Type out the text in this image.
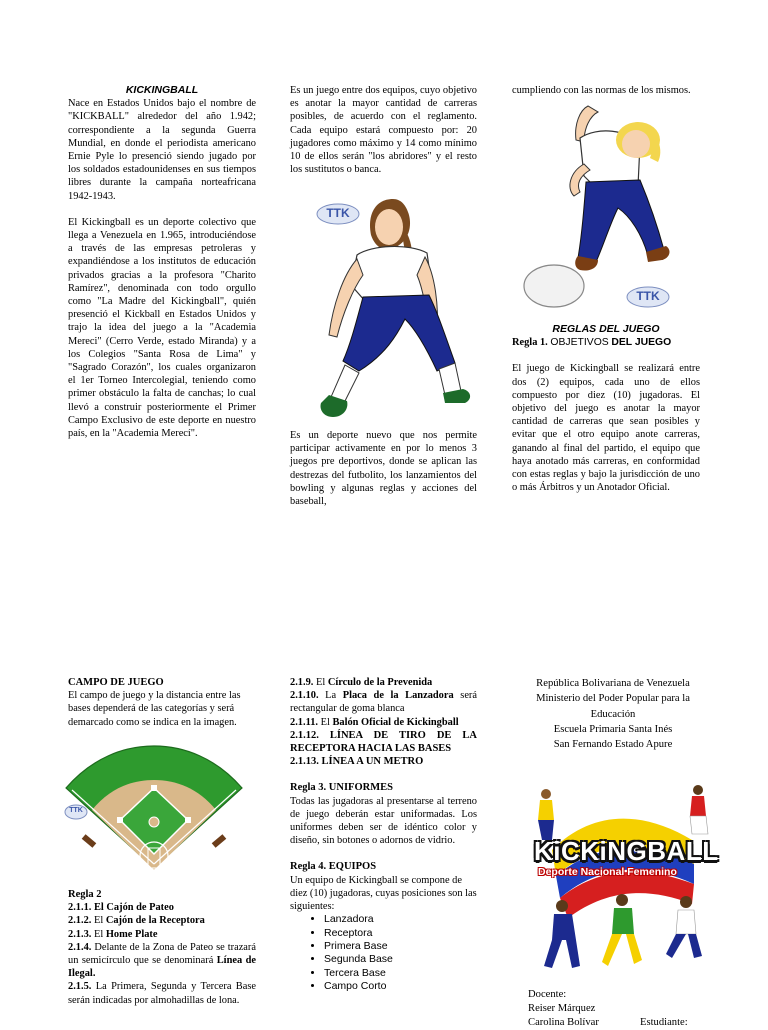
KICKINGBALL

Nace en Estados Unidos bajo el nombre de "KICKBALL" alrededor del año 1.942; correspondiente a la segunda Guerra Mundial, en donde el periodista americano Ernie Pyle lo presenció siendo jugado por los soldados estadounidenses en sus tiempos libres durante la campaña norteafricana 1942-1943.

El Kickingball es un deporte colectivo que llega a Venezuela en 1.965, introduciéndose a través de las empresas petroleras y expandiéndose a los institutos de educación privados gracias a la profesora "Charito Ramírez", denominada con todo orgullo como "La Madre del Kickingball", quién presenció el Kickball en Estados Unidos y trajo la idea del juego a la "Academia Mereci" (Cerro Verde, estado Miranda) y a los Colegios "Santa Rosa de Lima" y "Sagrado Corazón", los cuales organizaron el 1er Torneo Intercolegial, teniendo como primer obstáculo la falta de canchas; lo cual llevó a construir posteriormente el Primer Campo Exclusivo de este deporte en nuestro país, en la "Academia Merecí".

Es un juego entre dos equipos, cuyo objetivo es anotar la mayor cantidad de carreras posibles, de acuerdo con el reglamento. Cada equipo estará compuesto por: 20 jugadores como máximo y 14 como mínimo 10 de ellos serán "los abridores" y el resto los sustitutos o banca.

TTK

Es un deporte nuevo que nos permite participar activamente en por lo menos 3 juegos pre deportivos, donde se aplican las destrezas del futbolito, los lanzamientos del bowling y algunas reglas y acciones del baseball,

cumpliendo con las normas de los mismos.

TTK

REGLAS DEL JUEGO

Regla 1. OBJETIVOS DEL JUEGO

El juego de Kickingball se realizará entre dos (2) equipos, cada uno de ellos compuesto por diez (10) jugadoras. El objetivo del juego es anotar la mayor cantidad de carreras que sean posibles y evitar que el otro equipo anote carreras, ganando al final del partido, el equipo que haya anotado más carreras, en conformidad con estas reglas y bajo la jurisdicción de uno o más Árbitros y un Anotador Oficial.

CAMPO DE JUEGO

El campo de juego y la distancia entre las bases dependerá de las categorías y será demarcado como se indica en la imagen.

TTK

Regla 2

2.1.1. El Cajón de Pateo

2.1.2. El Cajón de la Receptora

2.1.3. El Home Plate

2.1.4. Delante de la Zona de Pateo se trazará un semicírculo que se denominará Línea de Ilegal.

2.1.5. La Primera, Segunda y Tercera Base serán indicadas por almohadillas de lona.

2.1.9. El Círculo de la Prevenida

2.1.10. La Placa de la Lanzadora será rectangular de goma blanca

2.1.11. El Balón Oficial de Kickingball

2.1.12. LÍNEA DE TIRO DE LA RECEPTORA HACIA LAS BASES

2.1.13. LÍNEA A UN METRO

Regla 3. UNIFORMES

Todas las jugadoras al presentarse al terreno de juego deberán estar uniformadas. Los uniformes deben ser de idéntico color y diseño, sin botones o adornos de vidrio.

Regla 4. EQUIPOS

Un equipo de Kickingball se compone de diez (10) jugadoras, cuyas posiciones son las siguientes:

• Lanzadora
• Receptora
• Primera Base
• Segunda Base
• Tercera Base
• Campo Corto

República Bolivariana de Venezuela

Ministerio del Poder Popular para la Educación

Escuela Primaria Santa Inés

San Fernando Estado Apure

KiCKiNGBALL
Deporte Nacional Femenino

Docente:

Reiser Márquez

Carolina Bolívar	Estudiante:
